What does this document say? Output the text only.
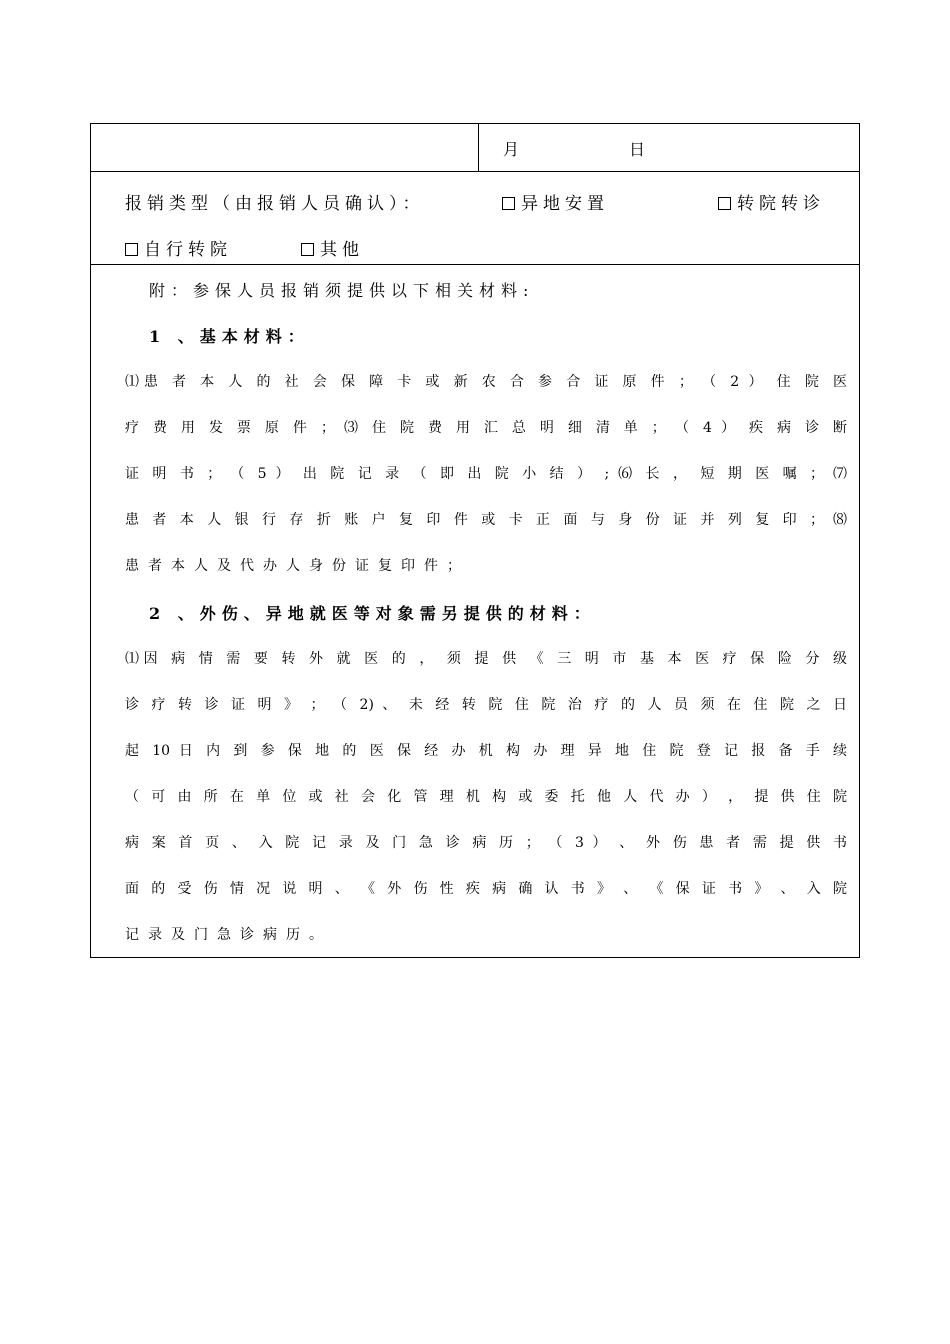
月	日
报销类型（由报销人员确认）：	异地安置	转院转诊
自行转院	其他
附：参保人员报销须提供以下相关材料:
1 、基本材料：
⑴患 者 本 人 的 社 会 保 障 卡 或 新 农 合 参 合 证 原 件 ； （ 2 ） 住 院 医
疗 费 用 发 票 原 件 ； ⑶ 住 院 费 用 汇 总 明 细 清 单 ； （ 4 ） 疾 病 诊 断
证 明 书 ； （ 5 ） 出 院 记 录 （ 即 出 院 小 结 ） ; ⑹ 长 ， 短 期 医 嘱 ； ⑺
患 者 本 人 银 行 存 折 账 户 复 印 件 或 卡 正 面 与 身 份 证 并 列 复 印 ； ⑻
患者本人及代办人身份证复印件；
2 、外伤、异地就医等对象需另提供的材料：
⑴因 病 情 需 要 转 外 就 医 的 ， 须 提 供 《 三 明 市 基 本 医 疗 保 险 分 级
诊 疗 转 诊 证 明 》 ； （ 2) 、 未 经 转 院 住 院 治 疗 的 人 员 须 在 住 院 之 日
起 10 日 内 到 参 保 地 的 医 保 经 办 机 构 办 理 异 地 住 院 登 记 报 备 手 续
（ 可 由 所 在 单 位 或 社 会 化 管 理 机 构 或 委 托 他 人 代 办 ） ， 提 供 住 院
病 案 首 页 、 入 院 记 录 及 门 急 诊 病 历 ； （ 3 ） 、 外 伤 患 者 需 提 供 书
面 的 受 伤 情 况 说 明 、 《 外 伤 性 疾 病 确 认 书 》 、 《 保 证 书 》 、 入 院
记录及门急诊病历。
